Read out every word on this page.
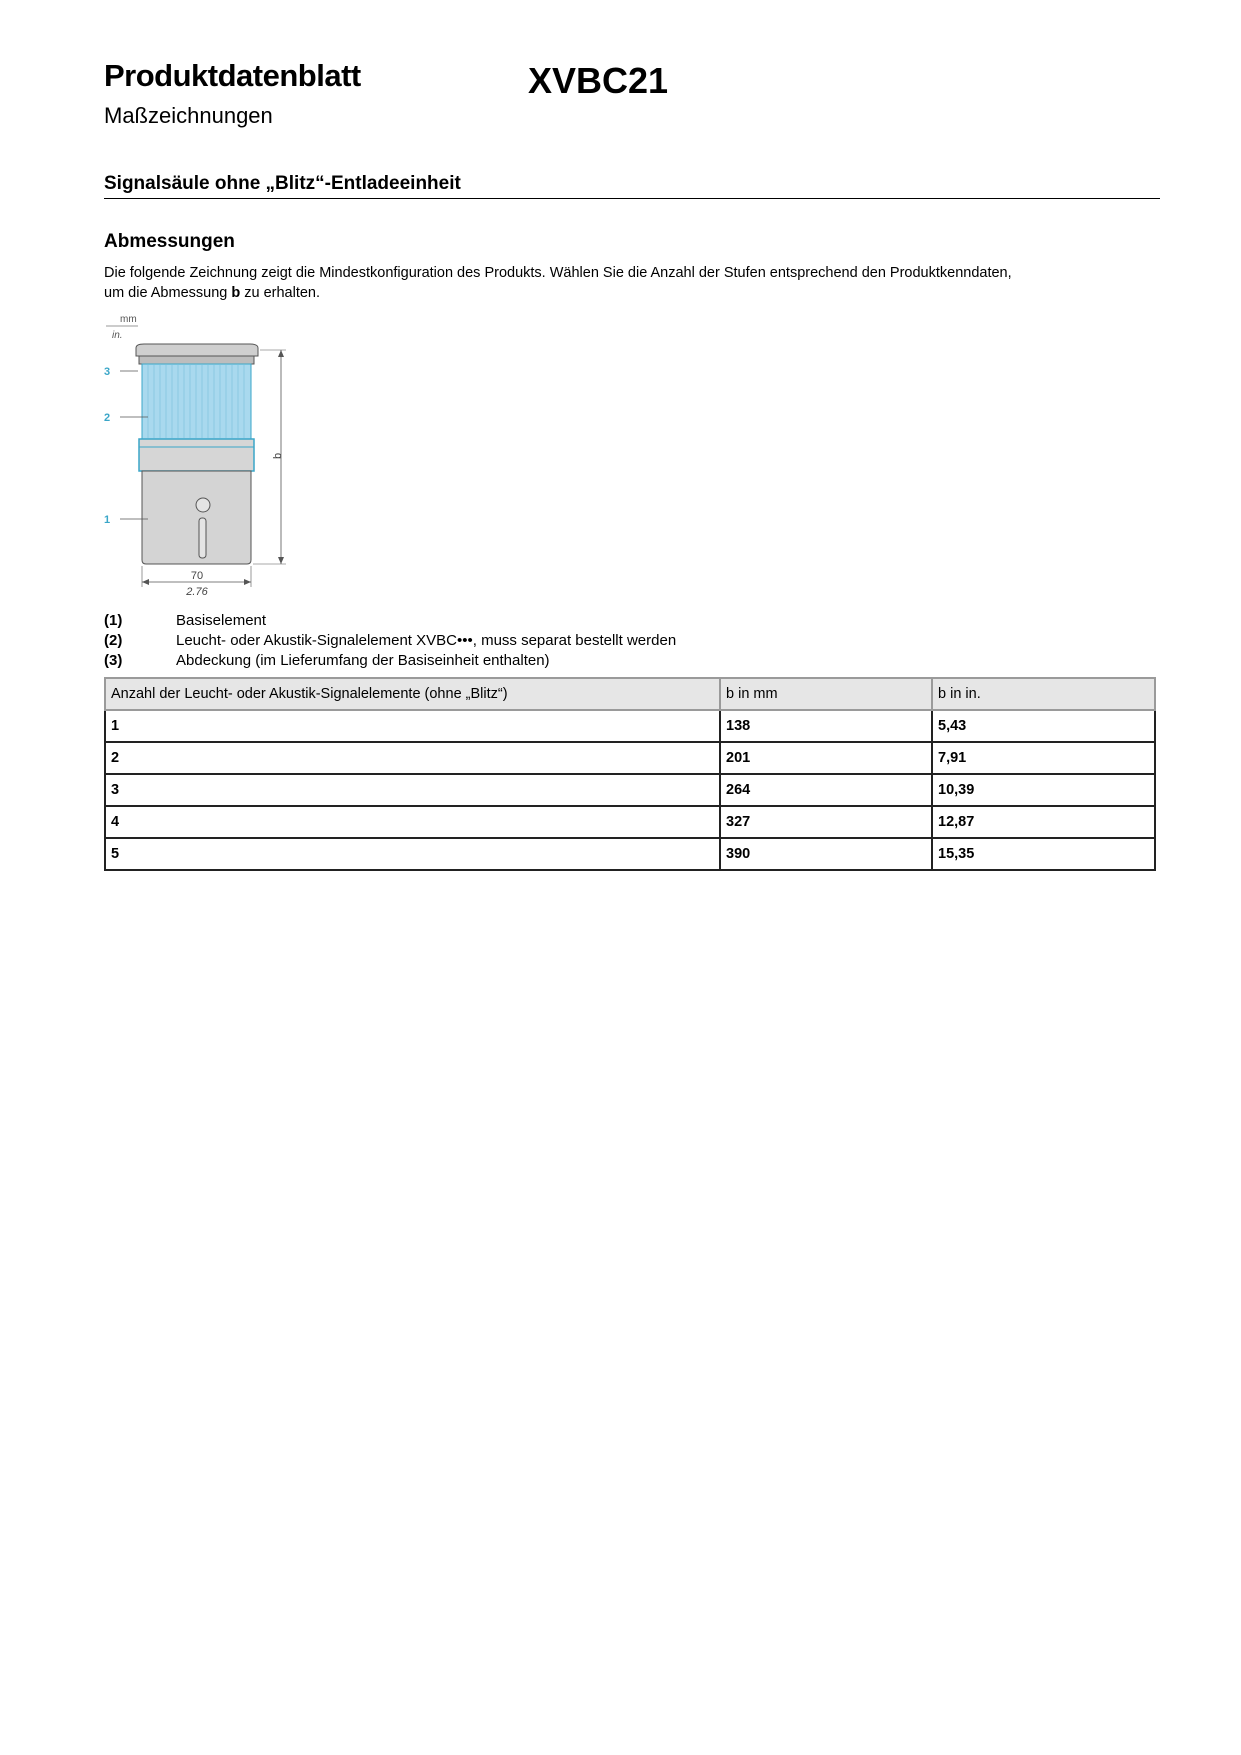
Produktdatenblatt	XVBC21
Maßzeichnungen
Signalsäule ohne „Blitz“-Entladeeinheit
Abmessungen
Die folgende Zeichnung zeigt die Mindestkonfiguration des Produkts. Wählen Sie die Anzahl der Stufen entsprechend den Produktkenndaten,
um die Abmessung b zu erhalten.
mm
in.
3
2
1
b
70
2.76
(1)	Basiselement
(2)	Leucht- oder Akustik-Signalelement XVBC•••, muss separat bestellt werden
(3)	Abdeckung (im Lieferumfang der Basiseinheit enthalten)
Anzahl der Leucht- oder Akustik-Signalelemente (ohne „Blitz“)	b in mm	b in in.
1	138	5,43
2	201	7,91
3	264	10,39
4	327	12,87
5	390	15,35
